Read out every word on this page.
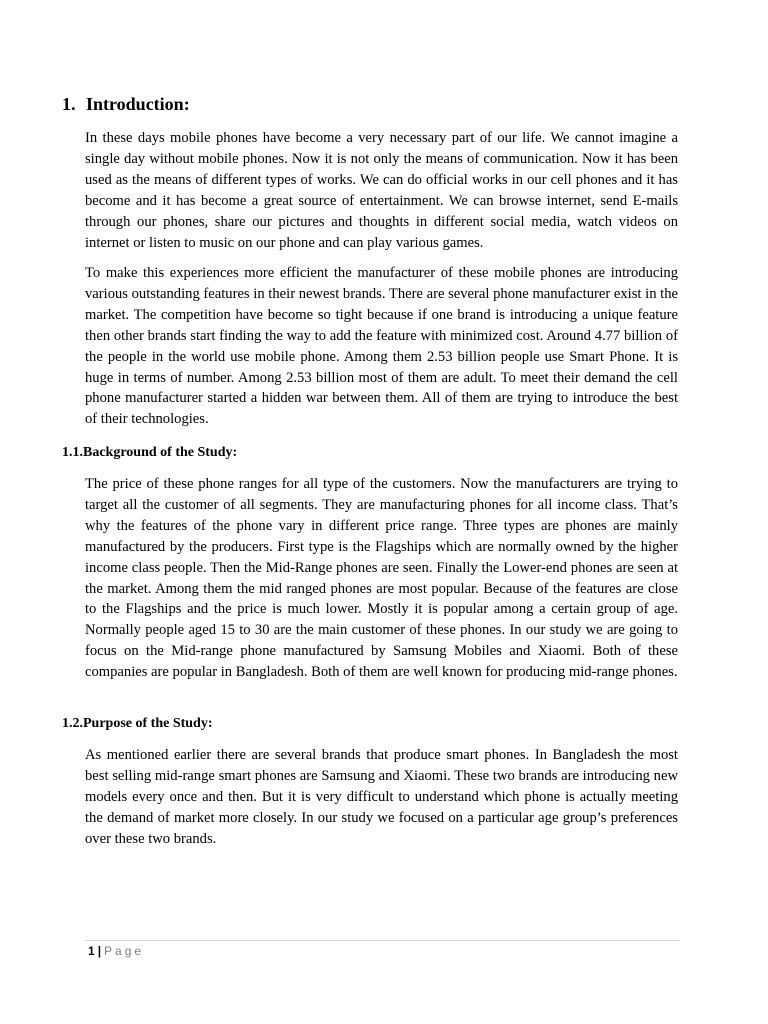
1. Introduction:

In these days mobile phones have become a very necessary part of our life. We cannot imagine a single day without mobile phones. Now it is not only the means of communication. Now it has been used as the means of different types of works. We can do official works in our cell phones and it has become and it has become a great source of entertainment. We can browse internet, send E-mails through our phones, share our pictures and thoughts in different social media, watch videos on internet or listen to music on our phone and can play various games.

To make this experiences more efficient the manufacturer of these mobile phones are introducing various outstanding features in their newest brands. There are several phone manufacturer exist in the market. The competition have become so tight because if one brand is introducing a unique feature then other brands start finding the way to add the feature with minimized cost. Around 4.77 billion of the people in the world use mobile phone. Among them 2.53 billion people use Smart Phone. It is huge in terms of number. Among 2.53 billion most of them are adult. To meet their demand the cell phone manufacturer started a hidden war between them. All of them are trying to introduce the best of their technologies.

1.1.Background of the Study:

The price of these phone ranges for all type of the customers. Now the manufacturers are trying to target all the customer of all segments. They are manufacturing phones for all income class. That’s why the features of the phone vary in different price range. Three types are phones are mainly manufactured by the producers. First type is the Flagships which are normally owned by the higher income class people. Then the Mid-Range phones are seen. Finally the Lower-end phones are seen at the market. Among them the mid ranged phones are most popular. Because of the features are close to the Flagships and the price is much lower. Mostly it is popular among a certain group of age. Normally people aged 15 to 30 are the main customer of these phones. In our study we are going to focus on the Mid-range phone manufactured by Samsung Mobiles and Xiaomi. Both of these companies are popular in Bangladesh. Both of them are well known for producing mid-range phones.

1.2.Purpose of the Study:

As mentioned earlier there are several brands that produce smart phones. In Bangladesh the most best selling mid-range smart phones are Samsung and Xiaomi. These two brands are introducing new models every once and then. But it is very difficult to understand which phone is actually meeting the demand of market more closely. In our study we focused on a particular age group’s preferences over these two brands.

1 | Page
